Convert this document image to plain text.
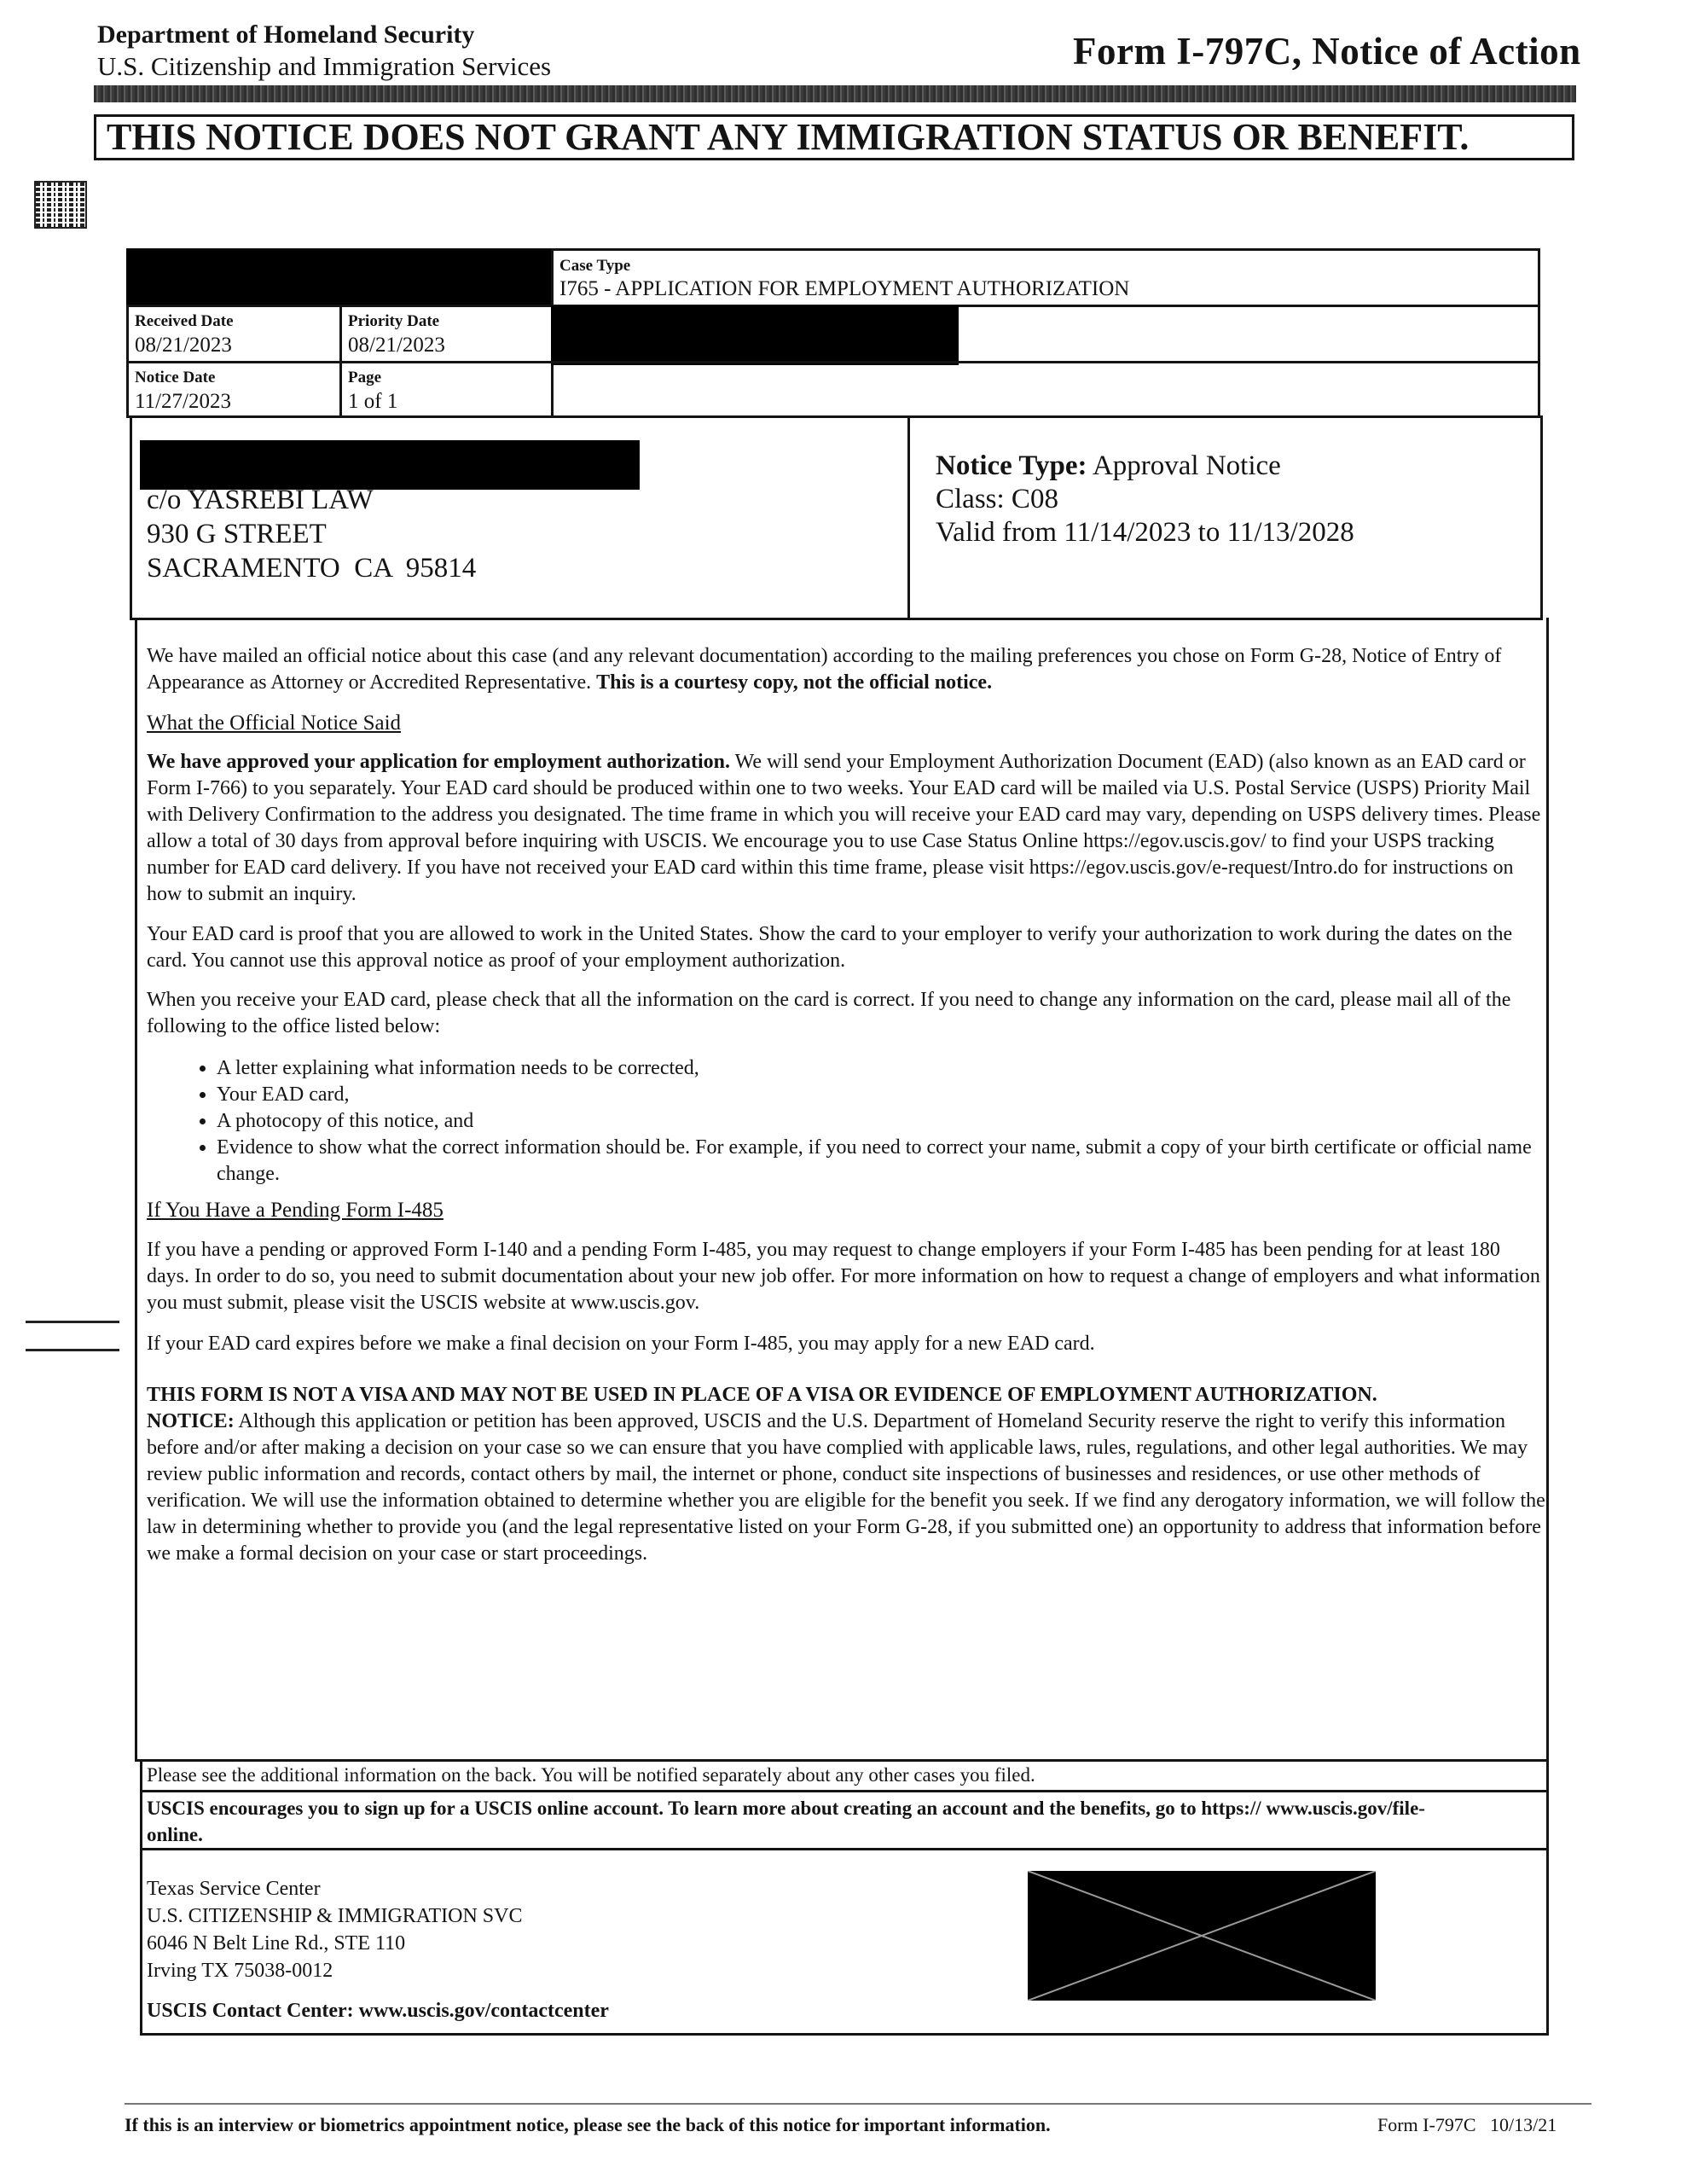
Department of Homeland Security
U.S. Citizenship and Immigration Services	Form I-797C, Notice of Action
THIS NOTICE DOES NOT GRANT ANY IMMIGRATION STATUS OR BENEFIT.
Case Type
I765 - APPLICATION FOR EMPLOYMENT AUTHORIZATION
Received Date
08/21/2023
Priority Date
08/21/2023
Notice Date
11/27/2023
Page
1 of 1
c/o YASREBI LAW
930 G STREET
SACRAMENTO  CA  95814
Notice Type: Approval Notice
Class: C08
Valid from 11/14/2023 to 11/13/2028
We have mailed an official notice about this case (and any relevant documentation) according to the mailing preferences you chose on Form G-28, Notice of Entry of Appearance as Attorney or Accredited Representative. This is a courtesy copy, not the official notice.
What the Official Notice Said
We have approved your application for employment authorization. We will send your Employment Authorization Document (EAD) (also known as an EAD card or Form I-766) to you separately. Your EAD card should be produced within one to two weeks. Your EAD card will be mailed via U.S. Postal Service (USPS) Priority Mail with Delivery Confirmation to the address you designated. The time frame in which you will receive your EAD card may vary, depending on USPS delivery times. Please allow a total of 30 days from approval before inquiring with USCIS. We encourage you to use Case Status Online https://egov.uscis.gov/ to find your USPS tracking number for EAD card delivery. If you have not received your EAD card within this time frame, please visit https://egov.uscis.gov/e-request/Intro.do for instructions on how to submit an inquiry.
Your EAD card is proof that you are allowed to work in the United States. Show the card to your employer to verify your authorization to work during the dates on the card. You cannot use this approval notice as proof of your employment authorization.
When you receive your EAD card, please check that all the information on the card is correct. If you need to change any information on the card, please mail all of the following to the office listed below:
• A letter explaining what information needs to be corrected,
• Your EAD card,
• A photocopy of this notice, and
• Evidence to show what the correct information should be. For example, if you need to correct your name, submit a copy of your birth certificate or official name change.
If You Have a Pending Form I-485
If you have a pending or approved Form I-140 and a pending Form I-485, you may request to change employers if your Form I-485 has been pending for at least 180 days. In order to do so, you need to submit documentation about your new job offer. For more information on how to request a change of employers and what information you must submit, please visit the USCIS website at www.uscis.gov.
If your EAD card expires before we make a final decision on your Form I-485, you may apply for a new EAD card.
THIS FORM IS NOT A VISA AND MAY NOT BE USED IN PLACE OF A VISA OR EVIDENCE OF EMPLOYMENT AUTHORIZATION.
NOTICE: Although this application or petition has been approved, USCIS and the U.S. Department of Homeland Security reserve the right to verify this information before and/or after making a decision on your case so we can ensure that you have complied with applicable laws, rules, regulations, and other legal authorities. We may review public information and records, contact others by mail, the internet or phone, conduct site inspections of businesses and residences, or use other methods of verification. We will use the information obtained to determine whether you are eligible for the benefit you seek. If we find any derogatory information, we will follow the law in determining whether to provide you (and the legal representative listed on your Form G-28, if you submitted one) an opportunity to address that information before we make a formal decision on your case or start proceedings.
Please see the additional information on the back. You will be notified separately about any other cases you filed.
USCIS encourages you to sign up for a USCIS online account. To learn more about creating an account and the benefits, go to https:// www.uscis.gov/file-online.
Texas Service Center
U.S. CITIZENSHIP & IMMIGRATION SVC
6046 N Belt Line Rd., STE 110
Irving TX 75038-0012
USCIS Contact Center: www.uscis.gov/contactcenter
If this is an interview or biometrics appointment notice, please see the back of this notice for important information.	Form I-797C   10/13/21
